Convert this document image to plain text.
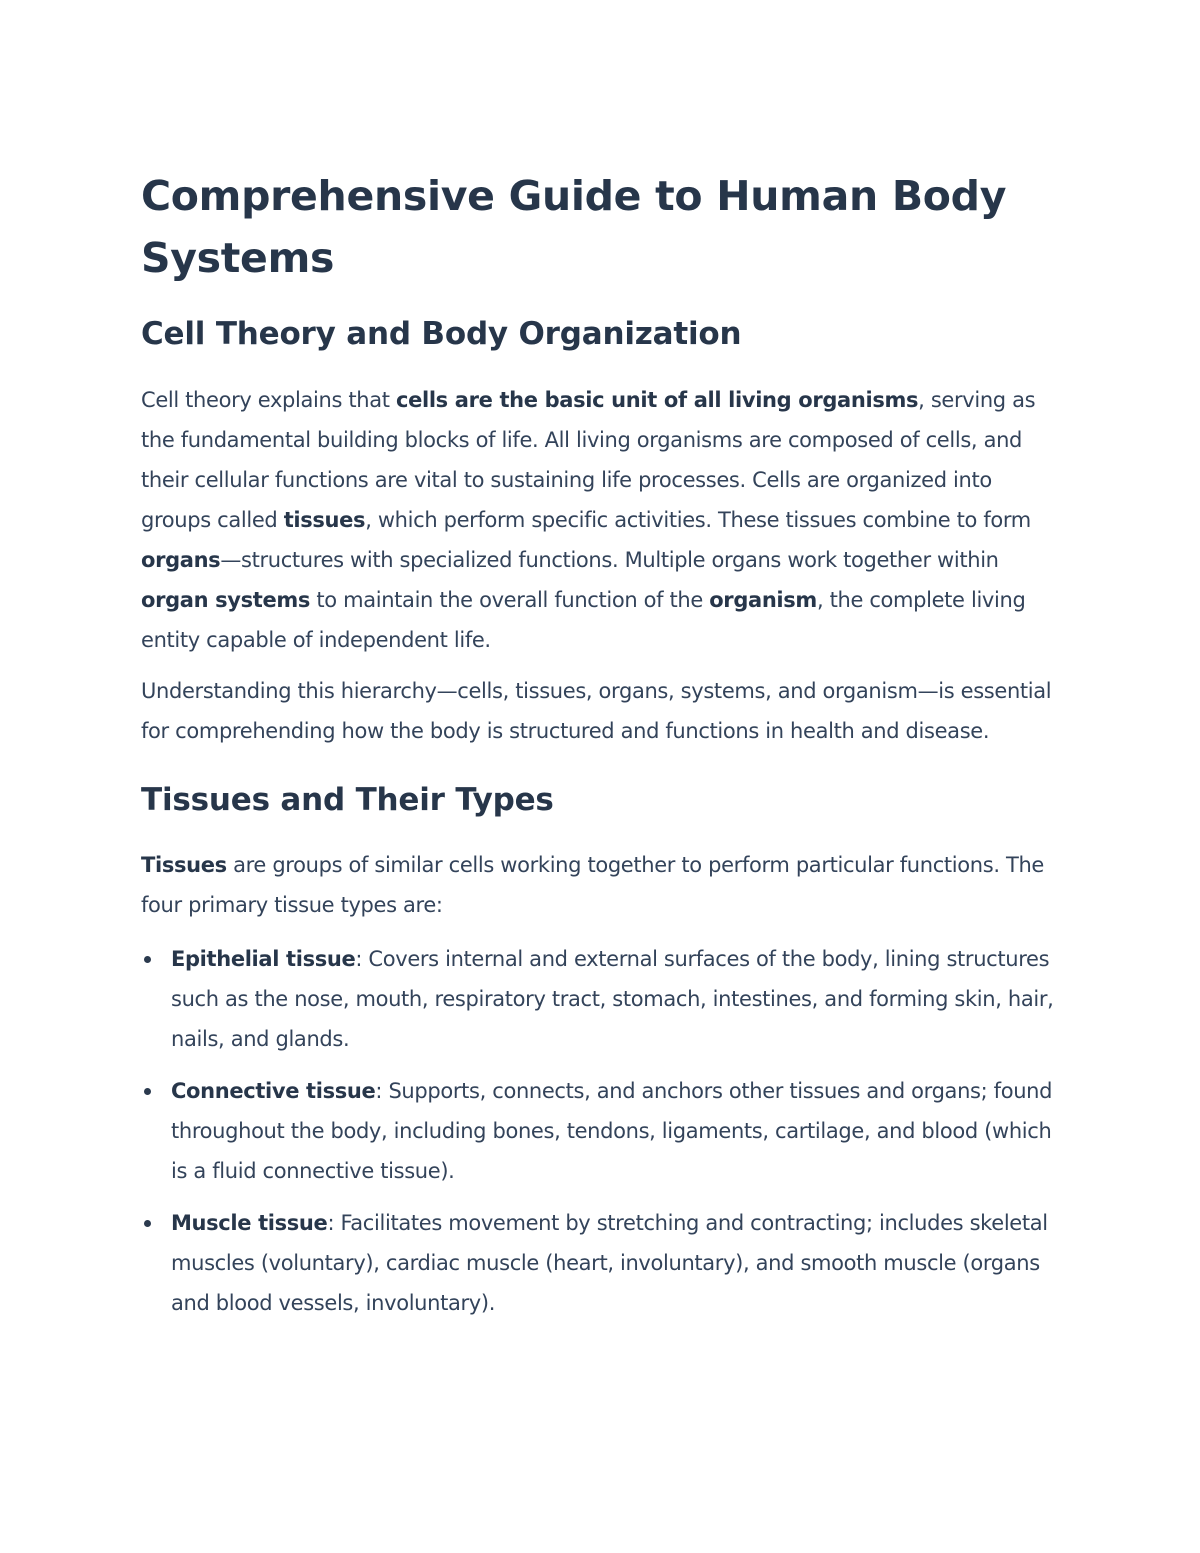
Comprehensive Guide to Human Body Systems
Cell Theory and Body Organization

Cell theory explains that cells are the basic unit of all living organisms, serving as the fundamental building blocks of life. All living organisms are composed of cells, and their cellular functions are vital to sustaining life processes. Cells are organized into groups called tissues, which perform specific activities. These tissues combine to form organs—structures with specialized functions. Multiple organs work together within organ systems to maintain the overall function of the organism, the complete living entity capable of independent life.

Understanding this hierarchy—cells, tissues, organs, systems, and organism—is essential for comprehending how the body is structured and functions in health and disease.

Tissues and Their Types

Tissues are groups of similar cells working together to perform particular functions. The four primary tissue types are:

Epithelial tissue: Covers internal and external surfaces of the body, lining structures such as the nose, mouth, respiratory tract, stomach, intestines, and forming skin, hair, nails, and glands.
Connective tissue: Supports, connects, and anchors other tissues and organs; found throughout the body, including bones, tendons, ligaments, cartilage, and blood (which is a fluid connective tissue).
Muscle tissue: Facilitates movement by stretching and contracting; includes skeletal muscles (voluntary), cardiac muscle (heart, involuntary), and smooth muscle (organs and blood vessels, involuntary).
